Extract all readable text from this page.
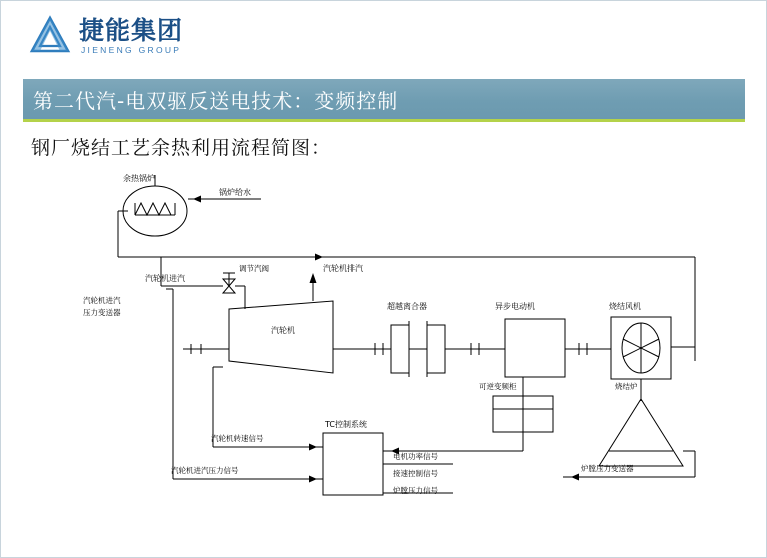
捷能集团
JIENENG GROUP
第二代汽-电双驱反送电技术：变频控制
钢厂烧结工艺余热利用流程简图：
余热锅炉
锅炉给水
汽轮机进汽
调节汽阀	汽轮机排汽
汽轮机进汽
压力变送器
汽轮机
超越离合器	异步电动机	烧结风机
可逆变频柜	烧结炉
TC控制系统
汽轮机转速信号
汽轮机进汽压力信号
电机功率信号
接速控制信号
炉膛压力信号
炉膛压力变送器
